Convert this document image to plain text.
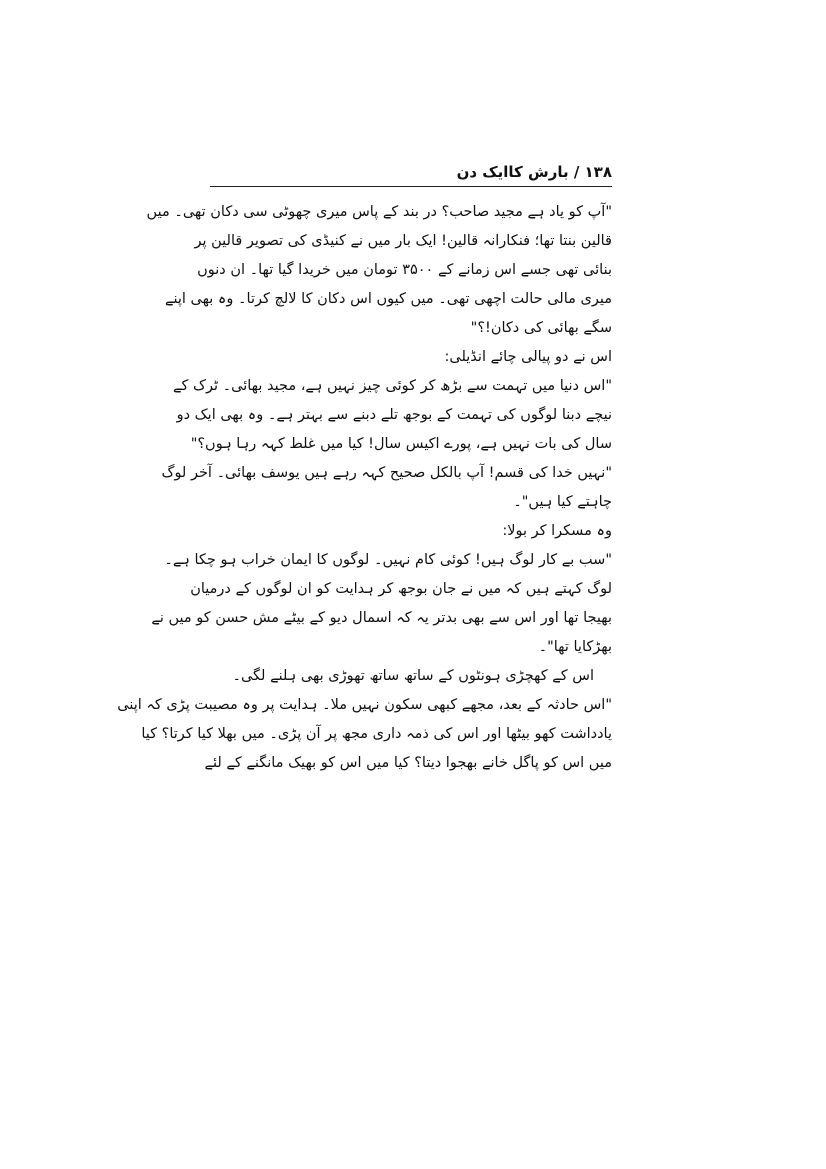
۱۳۸ / بارش کاایک دن
"آپ کو یاد ہے مجید صاحب؟ در بند کے پاس میری چھوٹی سی دکان تھی۔ میں
قالین بنتا تھا؛ فنکارانہ قالین! ایک بار میں نے کنیڈی کی تصویر قالین پر
بنائی تھی جسے اس زمانے کے ۳۵۰۰ تومان میں خریدا گیا تھا۔ ان دنوں
میری مالی حالت اچھی تھی۔ میں کیوں اس دکان کا لالچ کرتا۔ وہ بھی اپنے
سگے بھائی کی دکان!؟"
اس نے دو پیالی چائے انڈیلی:
"اس دنیا میں تہمت سے بڑھ کر کوئی چیز نہیں ہے، مجید بھائی۔ ٹرک کے
نیچے دبنا لوگوں کی تہمت کے بوجھ تلے دبنے سے بہتر ہے۔ وہ بھی ایک دو
سال کی بات نہیں ہے، پورے اکیس سال! کیا میں غلط کہہ رہا ہوں؟"
"نہیں خدا کی قسم! آپ بالکل صحیح کہہ رہے ہیں یوسف بھائی۔ آخر لوگ
چاہتے کیا ہیں"۔
وہ مسکرا کر بولا:
"سب بے کار لوگ ہیں! کوئی کام نہیں۔ لوگوں کا ایمان خراب ہو چکا ہے۔
لوگ کہتے ہیں کہ میں نے جان بوجھ کر ہدایت کو ان لوگوں کے درمیان
بھیجا تھا اور اس سے بھی بدتر یہ کہ اسمال دیو کے بیٹے مش حسن کو میں نے
بھڑکایا تھا"۔
اس کے کھچڑی ہونٹوں کے ساتھ ساتھ تھوڑی بھی ہلنے لگی۔
"اس حادثہ کے بعد، مجھے کبھی سکون نہیں ملا۔ ہدایت پر وہ مصیبت پڑی کہ اپنی
یادداشت کھو بیٹھا اور اس کی ذمہ داری مجھ پر آن پڑی۔ میں بھلا کیا کرتا؟ کیا
میں اس کو پاگل خانے بھجوا دیتا؟ کیا میں اس کو بھیک مانگنے کے لئے
